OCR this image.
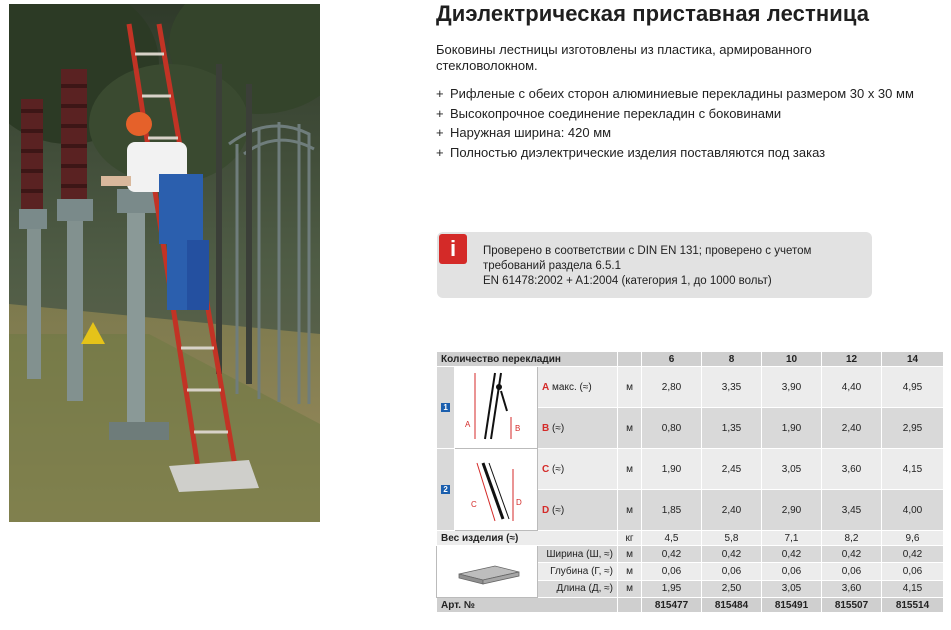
Диэлектрическая приставная лестница
Боковины лестницы изготовлены из пластика, армированного стекловолокном.
+ Рифленые с обеих сторон алюминиевые перекладины размером 30 x 30 мм
+ Высокопрочное соединение перекладин с боковинами
+ Наружная ширина: 420 мм
+ Полностью диэлектрические изделия поставляются под заказ
i	Проверено в соответствии с DIN EN 131; проверено с учетом
требований раздела 6.5.1
EN 61478:2002 + A1:2004 (категория 1, до 1000 вольт)
Количество перекладин				6	8	10	12	14
1	A B	A макс. (≈)	м	2,80	3,35	3,90	4,40	4,95
		B (≈)	м	0,80	1,35	1,90	2,40	2,95
2	C D	C (≈)	м	1,90	2,45	3,05	3,60	4,15
		D (≈)	м	1,85	2,40	2,90	3,45	4,00
Вес изделия (≈)			кг	4,5	5,8	7,1	8,2	9,6
	Ширина (Ш, ≈)	м	0,42	0,42	0,42	0,42	0,42
		Глубина (Г, ≈)	м	0,06	0,06	0,06	0,06	0,06
		Длина (Д, ≈)	м	1,95	2,50	3,05	3,60	4,15
Арт. №				815477	815484	815491	815507	815514
